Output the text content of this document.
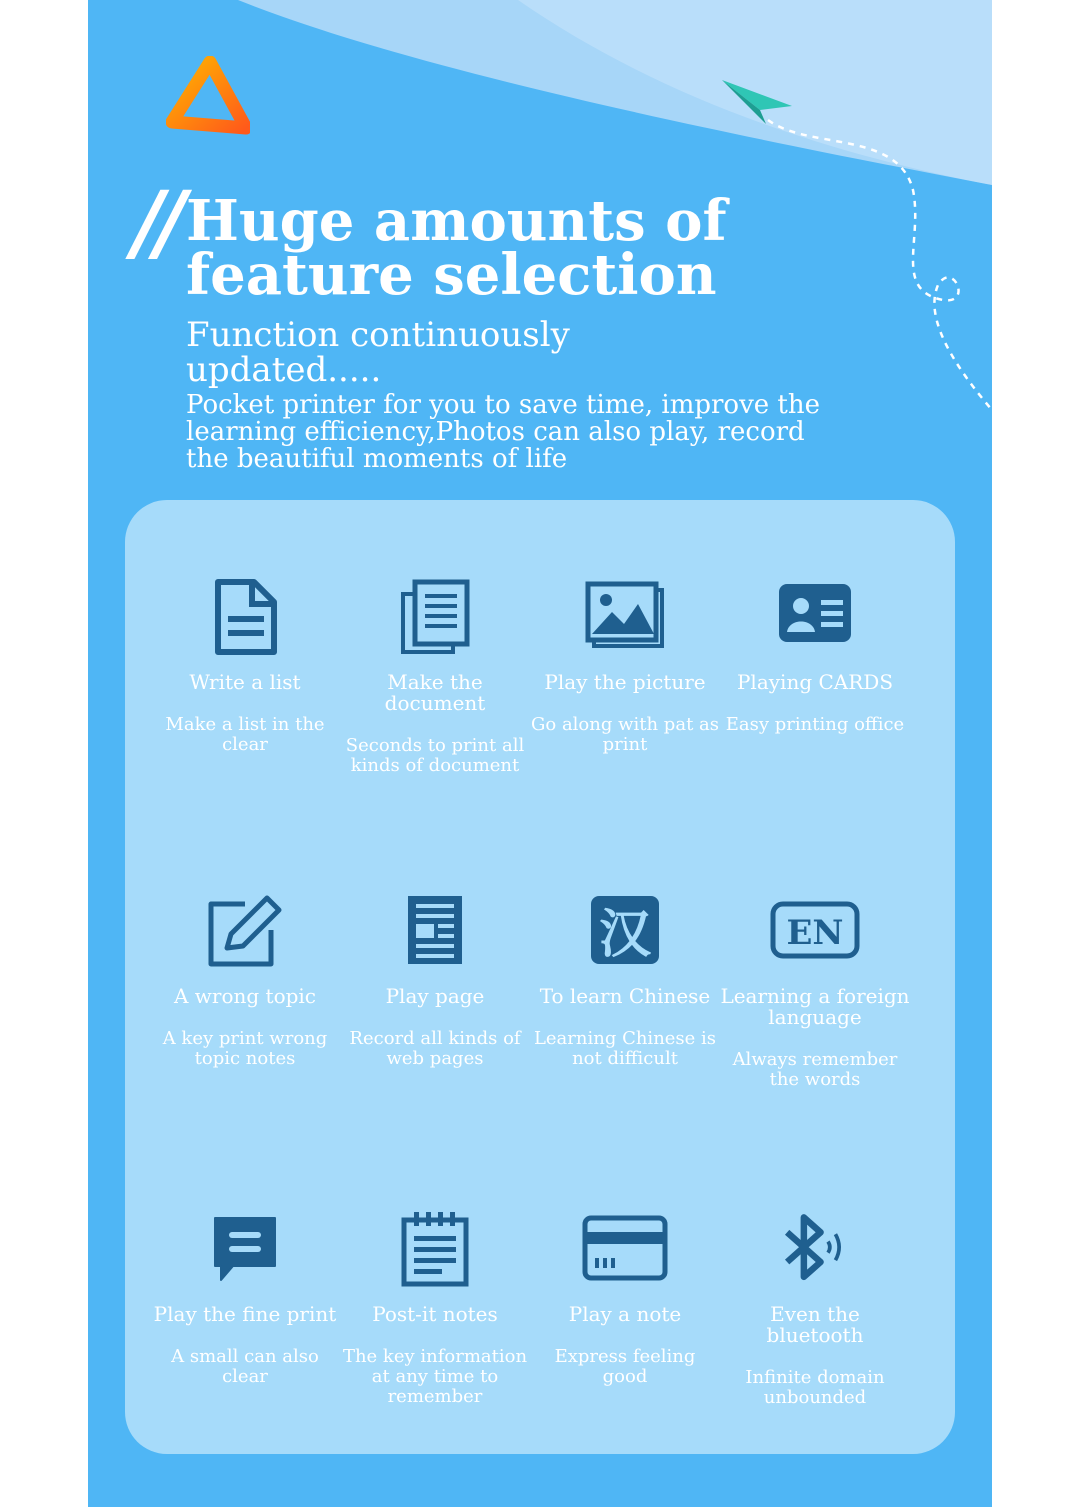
// Huge amounts of feature selection
Function continuously updated.....
Pocket printer for you to save time, improve the learning efficiency,Photos can also play, record the beautiful moments of life
Write a list
Make a list in the clear
Make the document
Seconds to print all kinds of document
Play the picture
Go along with pat as print
Playing CARDS
Easy printing office
A wrong topic
A key print wrong topic notes
Play page
Record all kinds of web pages
汉
To learn Chinese
Learning Chinese is not difficult
EN
Learning a foreign language
Always remember the words
Play the fine print
A small can also clear
Post-it notes
The key information at any time to remember
Play a note
Express feeling good
Even the bluetooth
Infinite domain unbounded
